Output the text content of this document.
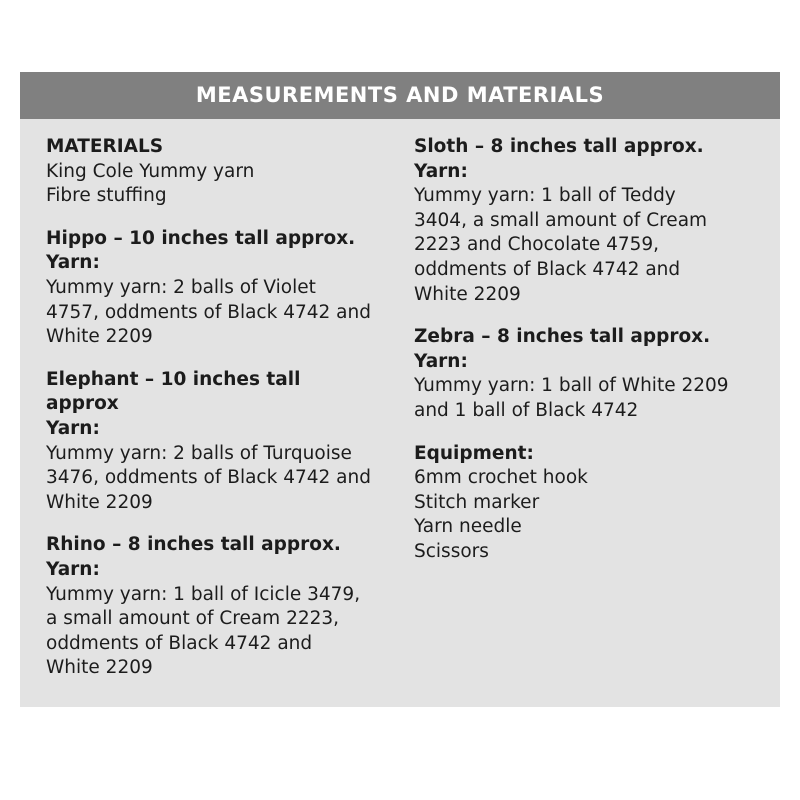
MEASUREMENTS AND MATERIALS
MATERIALS
King Cole Yummy yarn
Fibre stuffing
Hippo – 10 inches tall approx.
Yarn:
Yummy yarn: 2 balls of Violet
4757, oddments of Black 4742 and
White 2209
Elephant – 10 inches tall approx
Yarn:
Yummy yarn: 2 balls of Turquoise
3476, oddments of Black 4742 and
White 2209
Rhino – 8 inches tall approx.
Yarn:
Yummy yarn: 1 ball of Icicle 3479,
a small amount of Cream 2223,
oddments of Black 4742 and
White 2209
Sloth – 8 inches tall approx.
Yarn:
Yummy yarn: 1 ball of Teddy
3404, a small amount of Cream
2223 and Chocolate 4759,
oddments of Black 4742 and
White 2209
Zebra – 8 inches tall approx.
Yarn:
Yummy yarn: 1 ball of White 2209
and 1 ball of Black 4742
Equipment:
6mm crochet hook
Stitch marker
Yarn needle
Scissors
